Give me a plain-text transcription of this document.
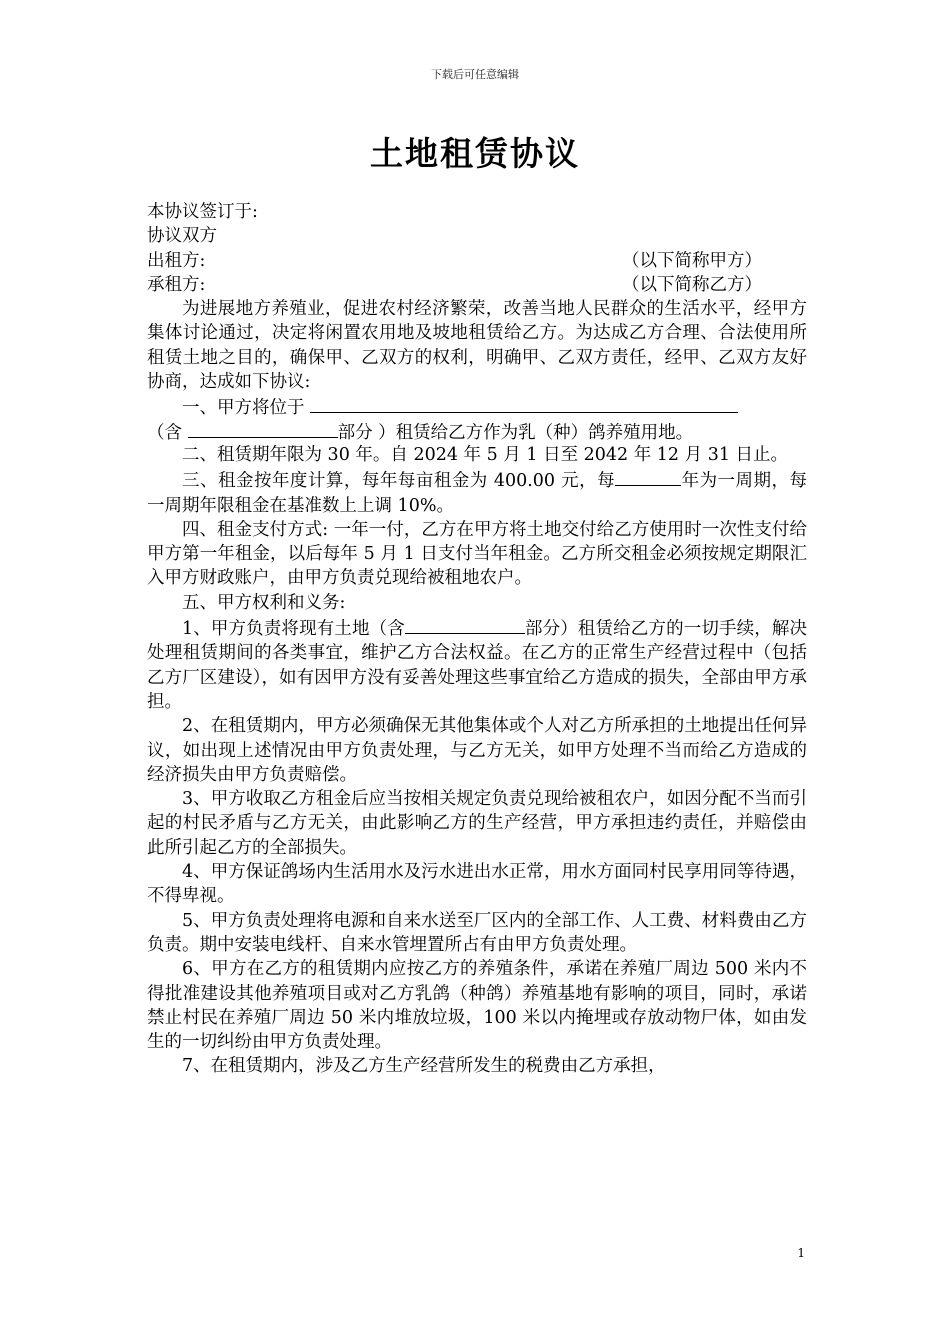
下载后可任意编辑
土地租赁协议
本协议签订于:
协议双方
出租方:	（以下简称甲方）
承租方:	（以下简称乙方）

为进展地方养殖业，促进农村经济繁荣，改善当地人民群众的生活水平，经甲方集体讨论通过，决定将闲置农用地及坡地租赁给乙方。为达成乙方合理、合法使用所租赁土地之目的，确保甲、乙双方的权利，明确甲、乙双方责任，经甲、乙双方友好协商，达成如下协议:

一、甲方将位于
（含	部分 ）租赁给乙方作为乳（种）鸽养殖用地。

二、租赁期年限为 30 年。自 2024 年 5 月 1 日至 2042 年 12 月 31 日止。

三、租金按年度计算，每年每亩租金为 400.00 元，每	年为一周期，每一周期年限租金在基准数上上调 10%。

四、租金支付方式: 一年一付，乙方在甲方将土地交付给乙方使用时一次性支付给甲方第一年租金，以后每年 5 月 1 日支付当年租金。乙方所交租金必须按规定期限汇入甲方财政账户，由甲方负责兑现给被租地农户。

五、甲方权利和义务:

1、甲方负责将现有土地（含	部分）租赁给乙方的一切手续，解决处理租赁期间的各类事宜，维护乙方合法权益。在乙方的正常生产经营过程中（包括乙方厂区建设），如有因甲方没有妥善处理这些事宜给乙方造成的损失，全部由甲方承担。

2、在租赁期内，甲方必须确保无其他集体或个人对乙方所承担的土地提出任何异议，如出现上述情况由甲方负责处理，与乙方无关，如甲方处理不当而给乙方造成的经济损失由甲方负责赔偿。

3、甲方收取乙方租金后应当按相关规定负责兑现给被租农户，如因分配不当而引起的村民矛盾与乙方无关，由此影响乙方的生产经营，甲方承担违约责任，并赔偿由此所引起乙方的全部损失。

4、甲方保证鸽场内生活用水及污水进出水正常，用水方面同村民享用同等待遇，不得卑视。

5、甲方负责处理将电源和自来水送至厂区内的全部工作、人工费、材料费由乙方负责。期中安装电线杆、自来水管埋置所占有由甲方负责处理。

6、甲方在乙方的租赁期内应按乙方的养殖条件，承诺在养殖厂周边 500 米内不得批准建设其他养殖项目或对乙方乳鸽（种鸽）养殖基地有影响的项目，同时，承诺禁止村民在养殖厂周边 50 米内堆放垃圾，100 米以内掩埋或存放动物尸体，如由发生的一切纠纷由甲方负责处理。

7、在租赁期内，涉及乙方生产经营所发生的税费由乙方承担，

1
